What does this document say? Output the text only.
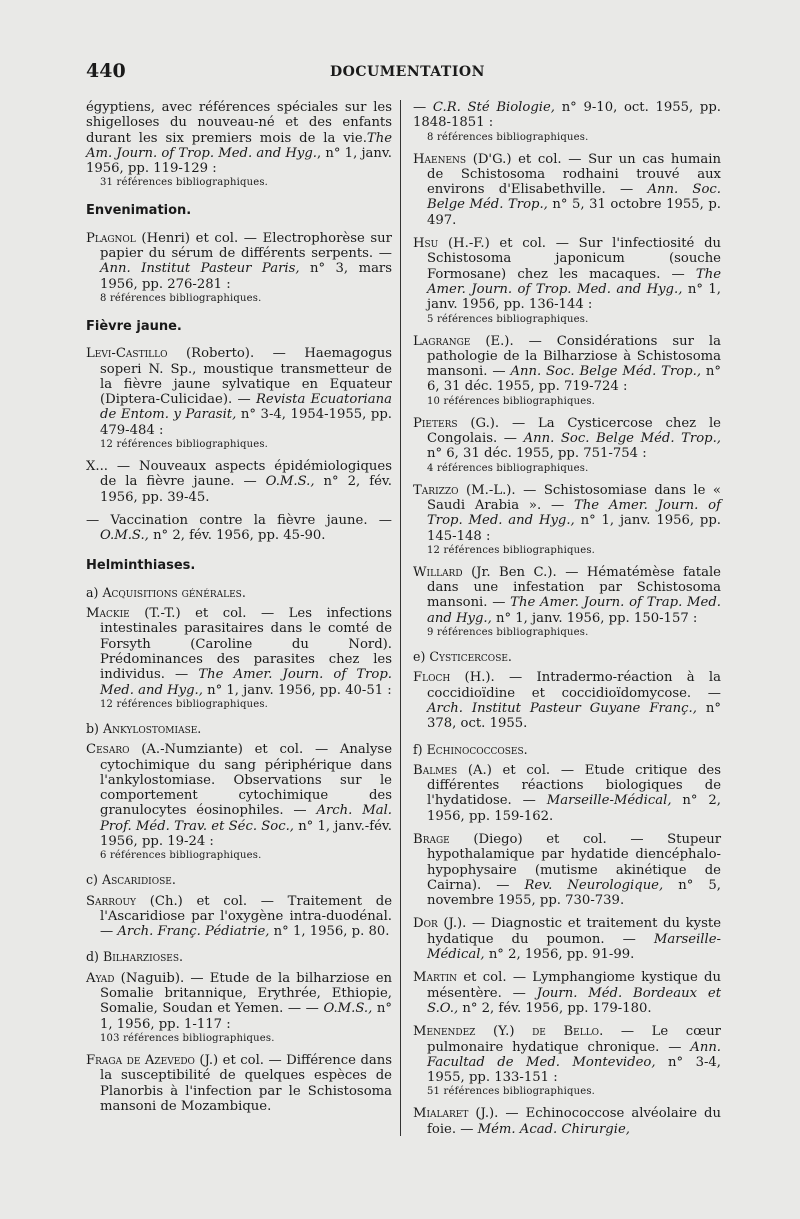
440	DOCUMENTATION

égyptiens, avec références spéciales sur les shigelloses du nouveau-né et des enfants durant les six premiers mois de la vie.The Am. Journ. of Trop. Med. and Hyg., n° 1, janv. 1956, pp. 119-129 :

31 références bibliographiques.
Envenimation.

Plagnol (Henri) et col. — Electrophorèse sur papier du sérum de différents serpents. — Ann. Institut Pasteur Paris, n° 3, mars 1956, pp. 276-281 :

8 références bibliographiques.
Fièvre jaune.

Levi-Castillo (Roberto). — Haemagogus soperi N. Sp., moustique transmetteur de la fièvre jaune sylvatique en Equateur (Diptera-Culicidae). — Revista Ecuatoriana de Entom. y Parasit, n° 3-4, 1954-1955, pp. 479-484 :

12 références bibliographiques.

X... — Nouveaux aspects épidémiologiques de la fièvre jaune. — O.M.S., n° 2, fév. 1956, pp. 39-45.

— Vaccination contre la fièvre jaune. — O.M.S., n° 2, fév. 1956, pp. 45-90.

Helminthiases.
a) Acquisitions générales.

Mackie (T.-T.) et col. — Les infections intestinales parasitaires dans le comté de Forsyth (Caroline du Nord). Prédominances des parasites chez les individus. — The Amer. Journ. of Trop. Med. and Hyg., n° 1, janv. 1956, pp. 40-51 :

12 références bibliographiques.
b) Ankylostomiase.

Cesaro (A.-Numziante) et col. — Analyse cytochimique du sang périphérique dans l'ankylostomiase. Observations sur le comportement cytochimique des granulocytes éosinophiles. — Arch. Mal. Prof. Méd. Trav. et Séc. Soc., n° 1, janv.-fév. 1956, pp. 19-24 :

6 références bibliographiques.
c) Ascaridiose.

Sarrouy (Ch.) et col. — Traitement de l'Ascaridiose par l'oxygène intra-duodénal. — Arch. Franç. Pédiatrie, n° 1, 1956, p. 80.

d) Bilharzioses.

Ayad (Naguib). — Etude de la bilharziose en Somalie britannique, Erythrée, Ethiopie, Somalie, Soudan et Yemen. — — O.M.S., n° 1, 1956, pp. 1-117 :

103 références bibliographiques.

Fraga de Azevedo (J.) et col. — Différence dans la susceptibilité de quelques espèces de Planorbis à l'infection par le Schistosoma mansoni de Mozambique.

— C.R. Sté Biologie, n° 9-10, oct. 1955, pp. 1848-1851 :

8 références bibliographiques.

Haenens (D'G.) et col. — Sur un cas humain de Schistosoma rodhaini trouvé aux environs d'Elisabethville. — Ann. Soc. Belge Méd. Trop., n° 5, 31 octobre 1955, p. 497.

Hsu (H.-F.) et col. — Sur l'infectiosité du Schistosoma japonicum (souche Formosane) chez les macaques. — The Amer. Journ. of Trop. Med. and Hyg., n° 1, janv. 1956, pp. 136-144 :

5 références bibliographiques.

Lagrange (E.). — Considérations sur la pathologie de la Bilharziose à Schistosoma mansoni. — Ann. Soc. Belge Méd. Trop., n° 6, 31 déc. 1955, pp. 719-724 :

10 références bibliographiques.

Pieters (G.). — La Cysticercose chez le Congolais. — Ann. Soc. Belge Méd. Trop., n° 6, 31 déc. 1955, pp. 751-754 :

4 références bibliographiques.

Tarizzo (M.-L.). — Schistosomiase dans le « Saudi Arabia ». — The Amer. Journ. of Trop. Med. and Hyg., n° 1, janv. 1956, pp. 145-148 :

12 références bibliographiques.

Willard (Jr. Ben C.). — Hématémèse fatale dans une infestation par Schistosoma mansoni. — The Amer. Journ. of Trap. Med. and Hyg., n° 1, janv. 1956, pp. 150-157 :

9 références bibliographiques.
e) Cysticercose.

Floch (H.). — Intradermo-réaction à la coccidioïdine et coccidioïdomycose. — Arch. Institut Pasteur Guyane Franç., n° 378, oct. 1955.

f) Echinococcoses.

Balmes (A.) et col. — Etude critique des différentes réactions biologiques de l'hydatidose. — Marseille-Médical, n° 2, 1956, pp. 159-162.

Brage (Diego) et col. — Stupeur hypothalamique par hydatide diencéphalo-hypophysaire (mutisme akinétique de Cairna). — Rev. Neurologique, n° 5, novembre 1955, pp. 730-739.

Dor (J.). — Diagnostic et traitement du kyste hydatique du poumon. — Marseille-Médical, n° 2, 1956, pp. 91-99.

Martin et col. — Lymphangiome kystique du mésentère. — Journ. Méd. Bordeaux et S.O., n° 2, fév. 1956, pp. 179-180.

Menendez (Y.) de Bello. — Le cœur pulmonaire hydatique chronique. — Ann. Facultad de Med. Montevideo, n° 3-4, 1955, pp. 133-151 :

51 références bibliographiques.

Mialaret (J.). — Echinococcose alvéolaire du foie. — Mém. Acad. Chirurgie,
